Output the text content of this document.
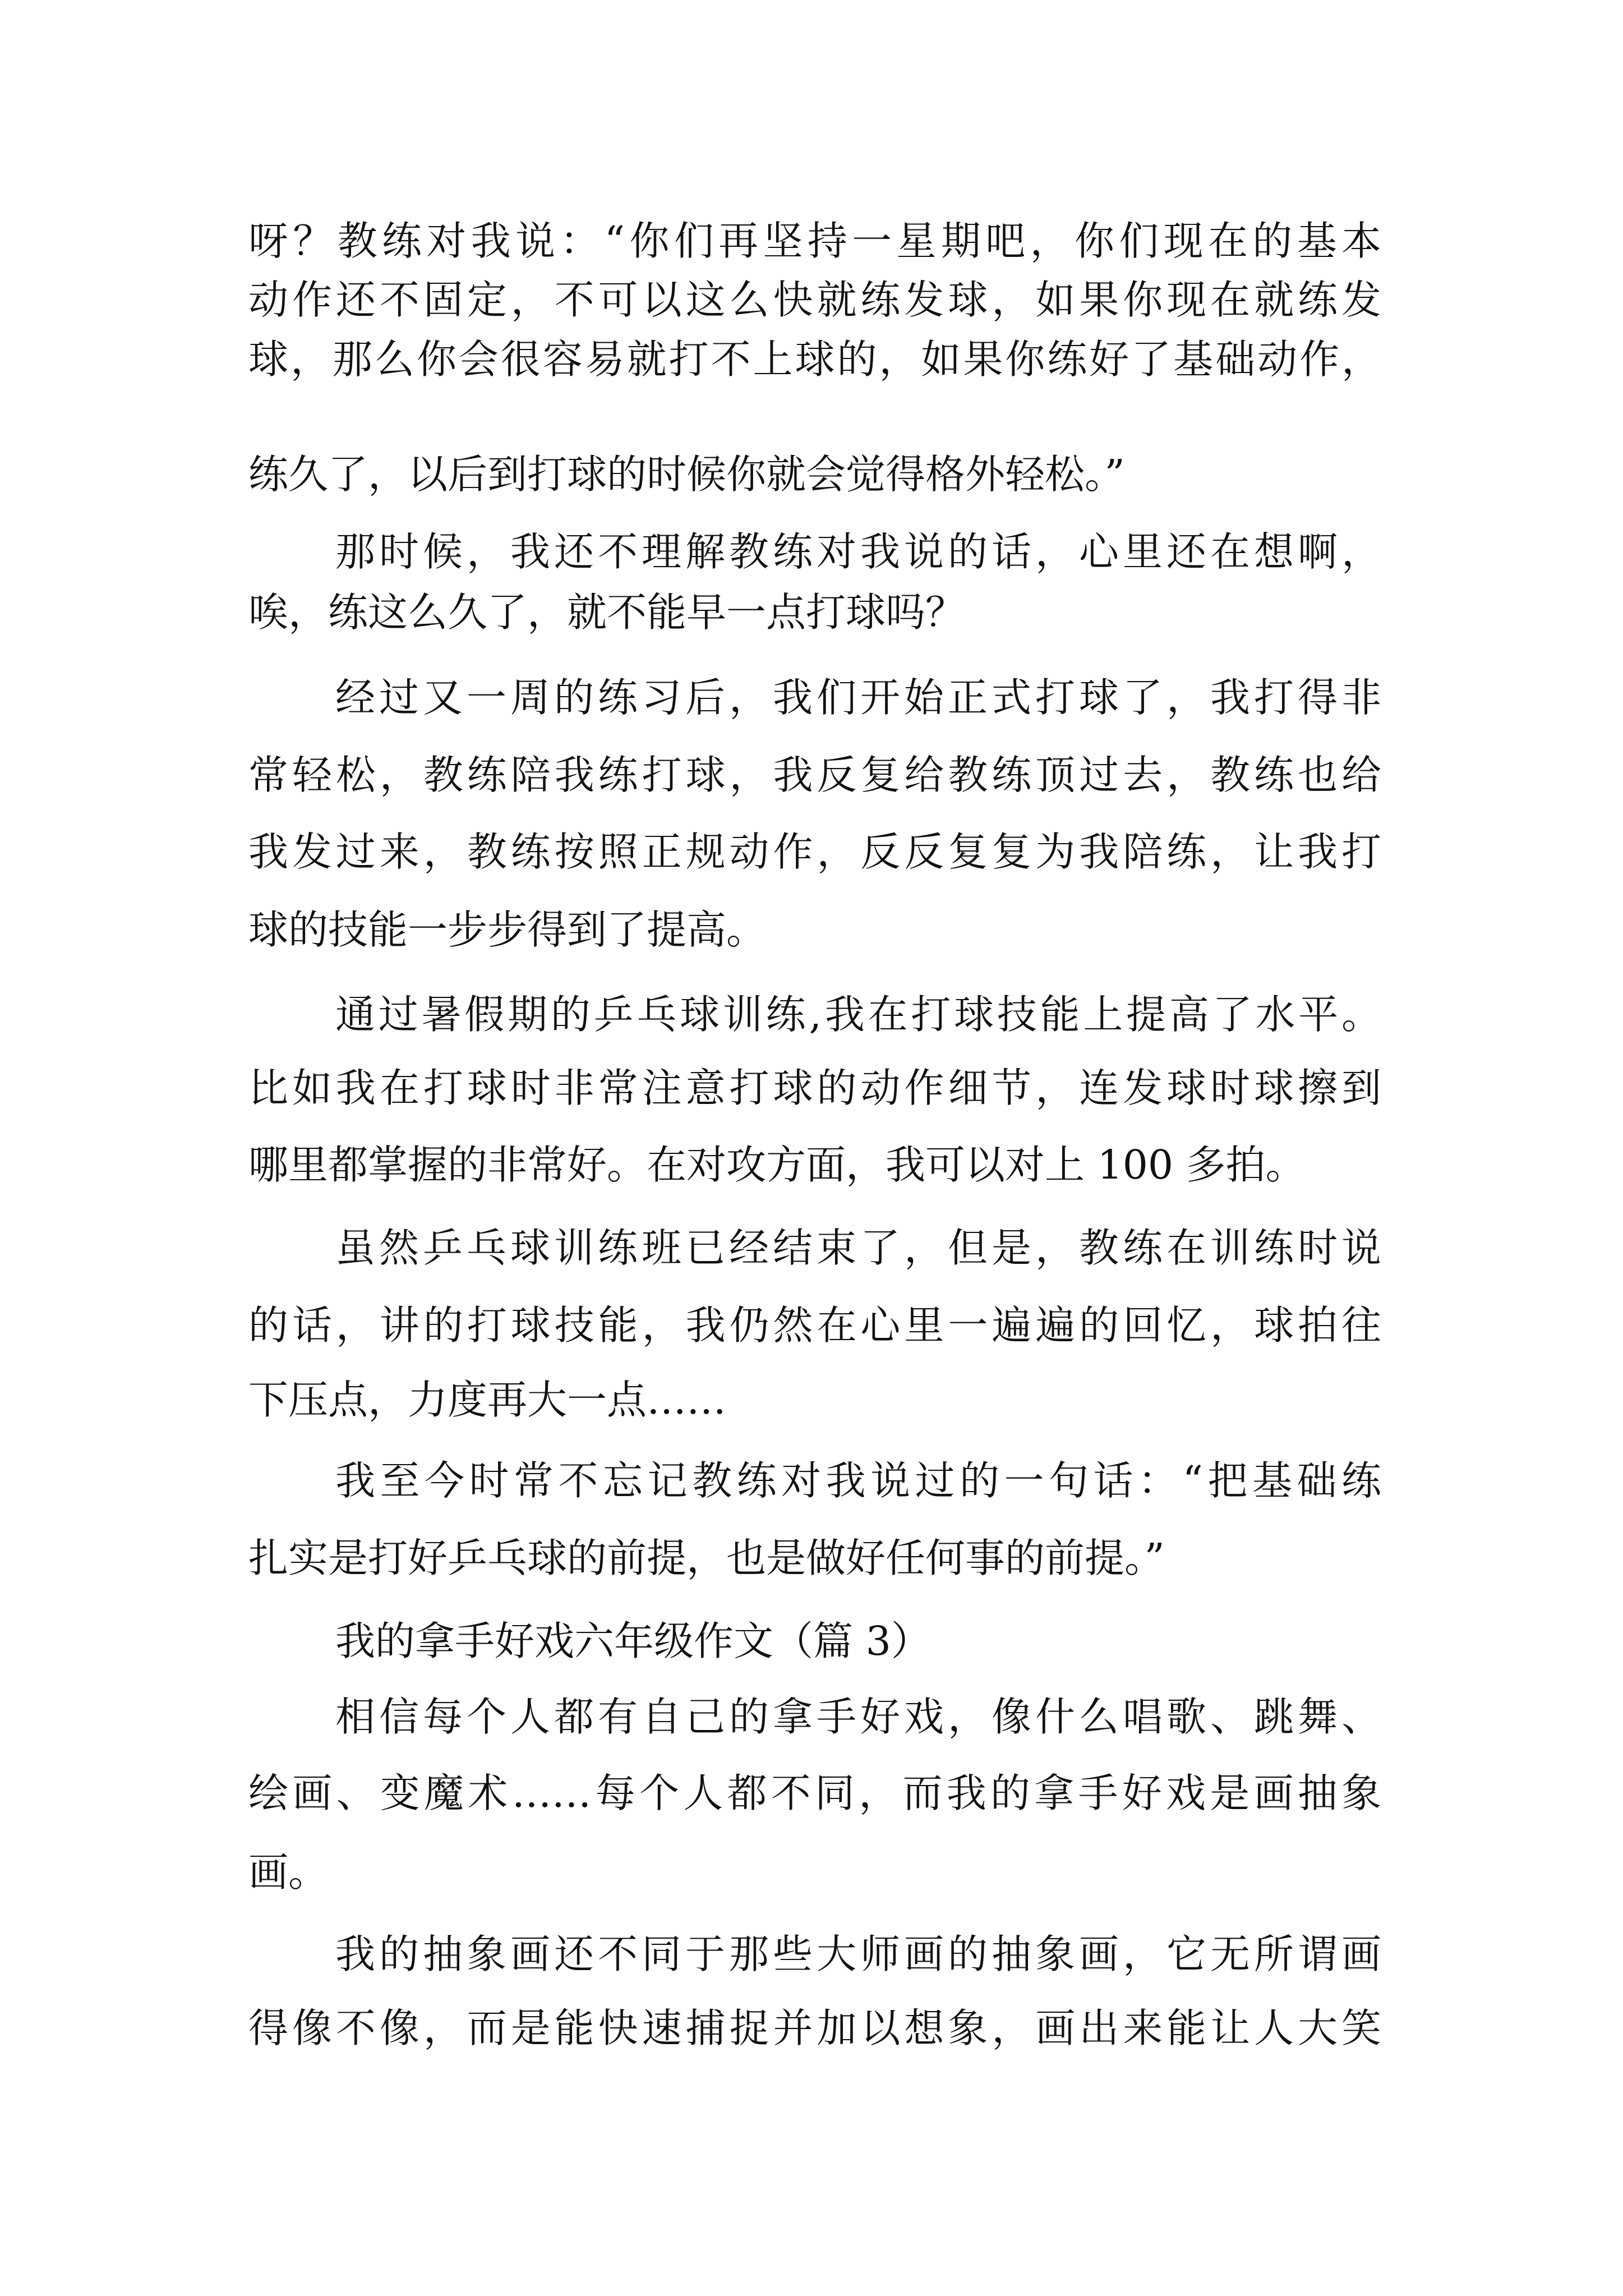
呀？教练对我说：“你们再坚持一星期吧，你们现在的基本

动作还不固定，不可以这么快就练发球，如果你现在就练发

球，那么你会很容易就打不上球的，如果你练好了基础动作，

练久了，以后到打球的时候你就会觉得格外轻松。”

那时候，我还不理解教练对我说的话，心里还在想啊，

唉，练这么久了，就不能早一点打球吗？

经过又一周的练习后，我们开始正式打球了，我打得非

常轻松，教练陪我练打球，我反复给教练顶过去，教练也给

我发过来，教练按照正规动作，反反复复为我陪练，让我打

球的技能一步步得到了提高。

通过暑假期的乒乓球训练,我在打球技能上提高了水平。

比如我在打球时非常注意打球的动作细节，连发球时球擦到

哪里都掌握的非常好。在对攻方面，我可以对上 100 多拍。

虽然乒乓球训练班已经结束了，但是，教练在训练时说

的话，讲的打球技能，我仍然在心里一遍遍的回忆，球拍往

下压点，力度再大一点……

我至今时常不忘记教练对我说过的一句话：“把基础练

扎实是打好乒乓球的前提，也是做好任何事的前提。”

我的拿手好戏六年级作文（篇 3）

相信每个人都有自己的拿手好戏，像什么唱歌、跳舞、

绘画、变魔术……每个人都不同，而我的拿手好戏是画抽象

画。

我的抽象画还不同于那些大师画的抽象画，它无所谓画

得像不像，而是能快速捕捉并加以想象，画出来能让人大笑
